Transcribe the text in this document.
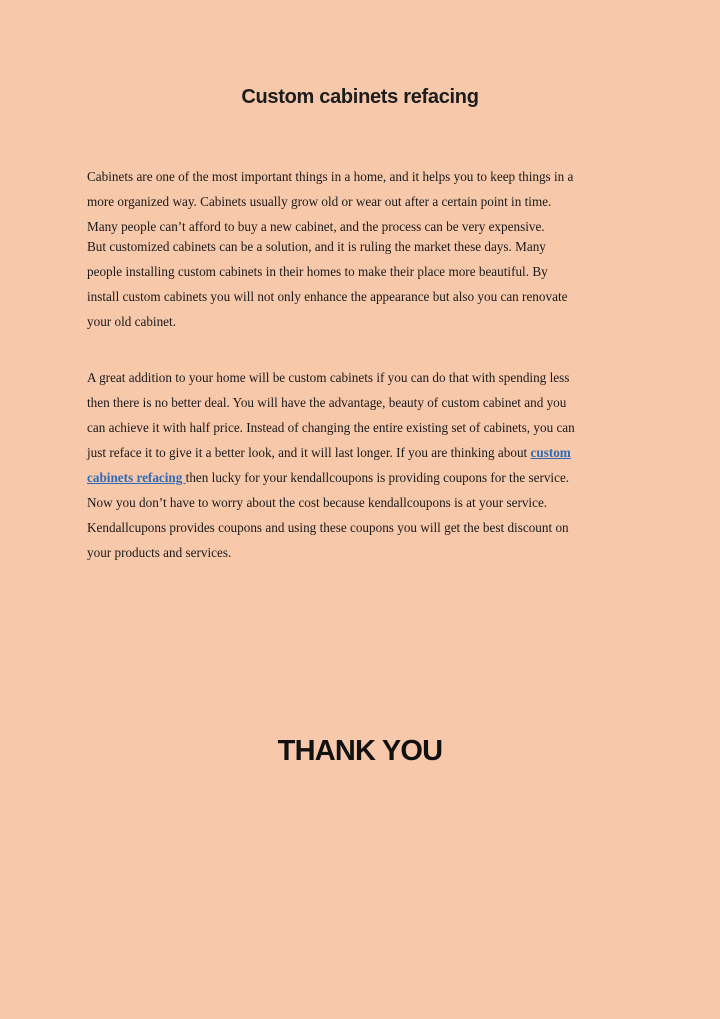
Custom cabinets refacing
Cabinets are one of the most important things in a home, and it helps you to keep things in a
more organized way. Cabinets usually grow old or wear out after a certain point in time.
Many people can’t afford to buy a new cabinet, and the process can be very expensive.
But customized cabinets can be a solution, and it is ruling the market these days. Many
people installing custom cabinets in their homes to make their place more beautiful. By
install custom cabinets you will not only enhance the appearance but also you can renovate
your old cabinet.
A great addition to your home will be custom cabinets if you can do that with spending less
then there is no better deal. You will have the advantage, beauty of custom cabinet and you
can achieve it with half price. Instead of changing the entire existing set of cabinets, you can
just reface it to give it a better look, and it will last longer. If you are thinking about custom
cabinets refacing then lucky for your kendallcoupons is providing coupons for the service.
Now you don’t have to worry about the cost because kendallcoupons is at your service.
Kendallcupons provides coupons and using these coupons you will get the best discount on
your products and services.
THANK YOU
